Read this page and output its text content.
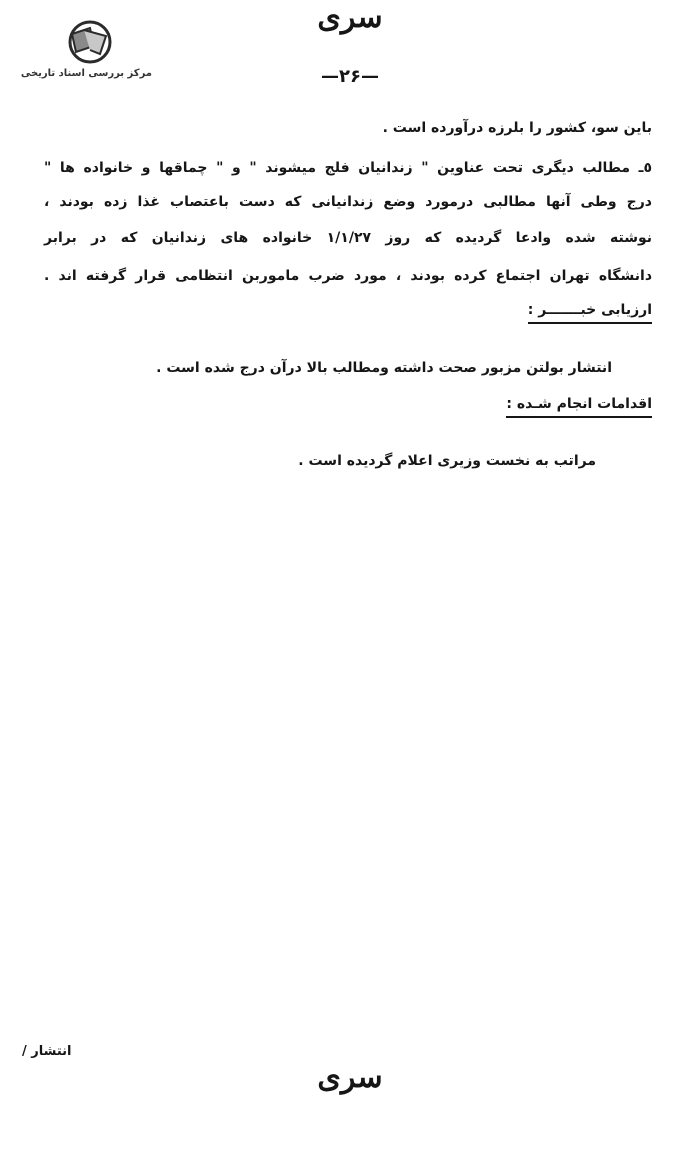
مرکز بررسی اسناد تاریخی
سری
—۲۶—
باین سو، کشور را بلرزه درآورده است .
٥ـ مطالب دیگری تحت عناوین " زندانیان فلج میشوند " و " چماقها و خانواده ها "
درج وطی آنها مطالبی درمورد وضع زندانیانی که دست باعتصاب غذا زده بودند ،
نوشته شده وادعا گردیده که روز ۱/۱/۲۷ خانواده های زندانیان که در برابر
دانشگاه تهران اجتماع کرده بودند ، مورد ضرب ماموربن انتظامی قرار گرفته اند .
ارزیابی خبـــــــر :
انتشار بولتن مزبور صحت داشته ومطالب بالا درآن درج شده است .
اقدامات انجام شـده :
مراتب به نخست وزیری اعلام گردیده است .
انتشار /
سری
